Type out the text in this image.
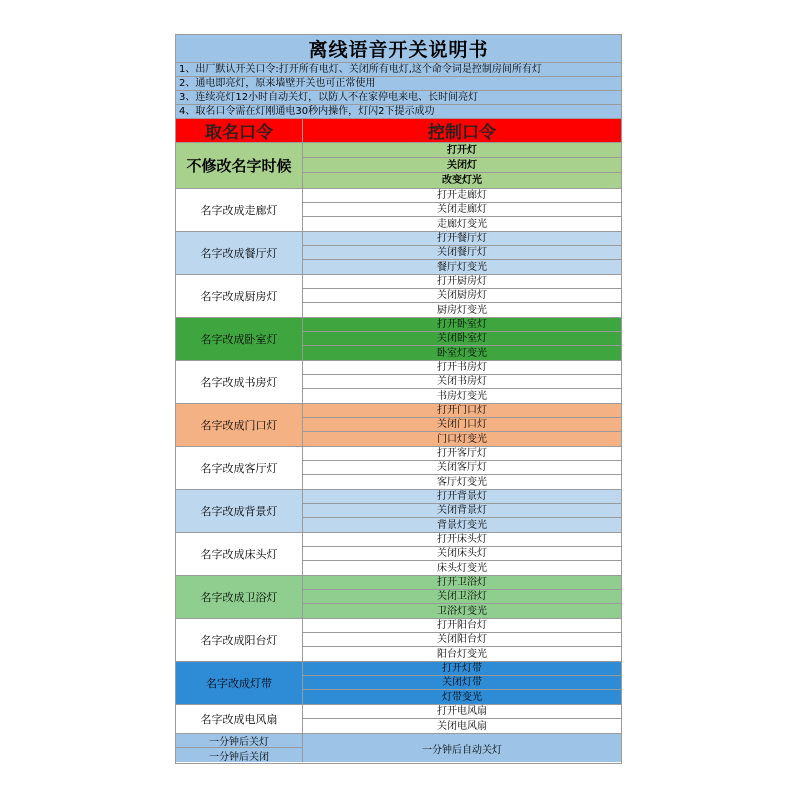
离线语音开关说明书
1、出厂默认开关口令:打开所有电灯、关闭所有电灯,这个命令词是控制房间所有灯
2、通电即亮灯，原来墙壁开关也可正常使用
3、连续亮灯12小时自动关灯，以防人不在家停电来电、长时间亮灯
4、取名口令需在灯刚通电30秒内操作，灯闪2下提示成功
取名口令	控制口令
不修改名字时候
打开灯
关闭灯
改变灯光
名字改成走廊灯
打开走廊灯
关闭走廊灯
走廊灯变光
名字改成餐厅灯
打开餐厅灯
关闭餐厅灯
餐厅灯变光
名字改成厨房灯
打开厨房灯
关闭厨房灯
厨房灯变光
名字改成卧室灯
打开卧室灯
关闭卧室灯
卧室灯变光
名字改成书房灯
打开书房灯
关闭书房灯
书房灯变光
名字改成门口灯
打开门口灯
关闭门口灯
门口灯变光
名字改成客厅灯
打开客厅灯
关闭客厅灯
客厅灯变光
名字改成背景灯
打开背景灯
关闭背景灯
背景灯变光
名字改成床头灯
打开床头灯
关闭床头灯
床头灯变光
名字改成卫浴灯
打开卫浴灯
关闭卫浴灯
卫浴灯变光
名字改成阳台灯
打开阳台灯
关闭阳台灯
阳台灯变光
名字改成灯带
打开灯带
关闭灯带
灯带变光
名字改成电风扇
打开电风扇
关闭电风扇
一分钟后关灯
一分钟后关闭
一分钟后自动关灯
